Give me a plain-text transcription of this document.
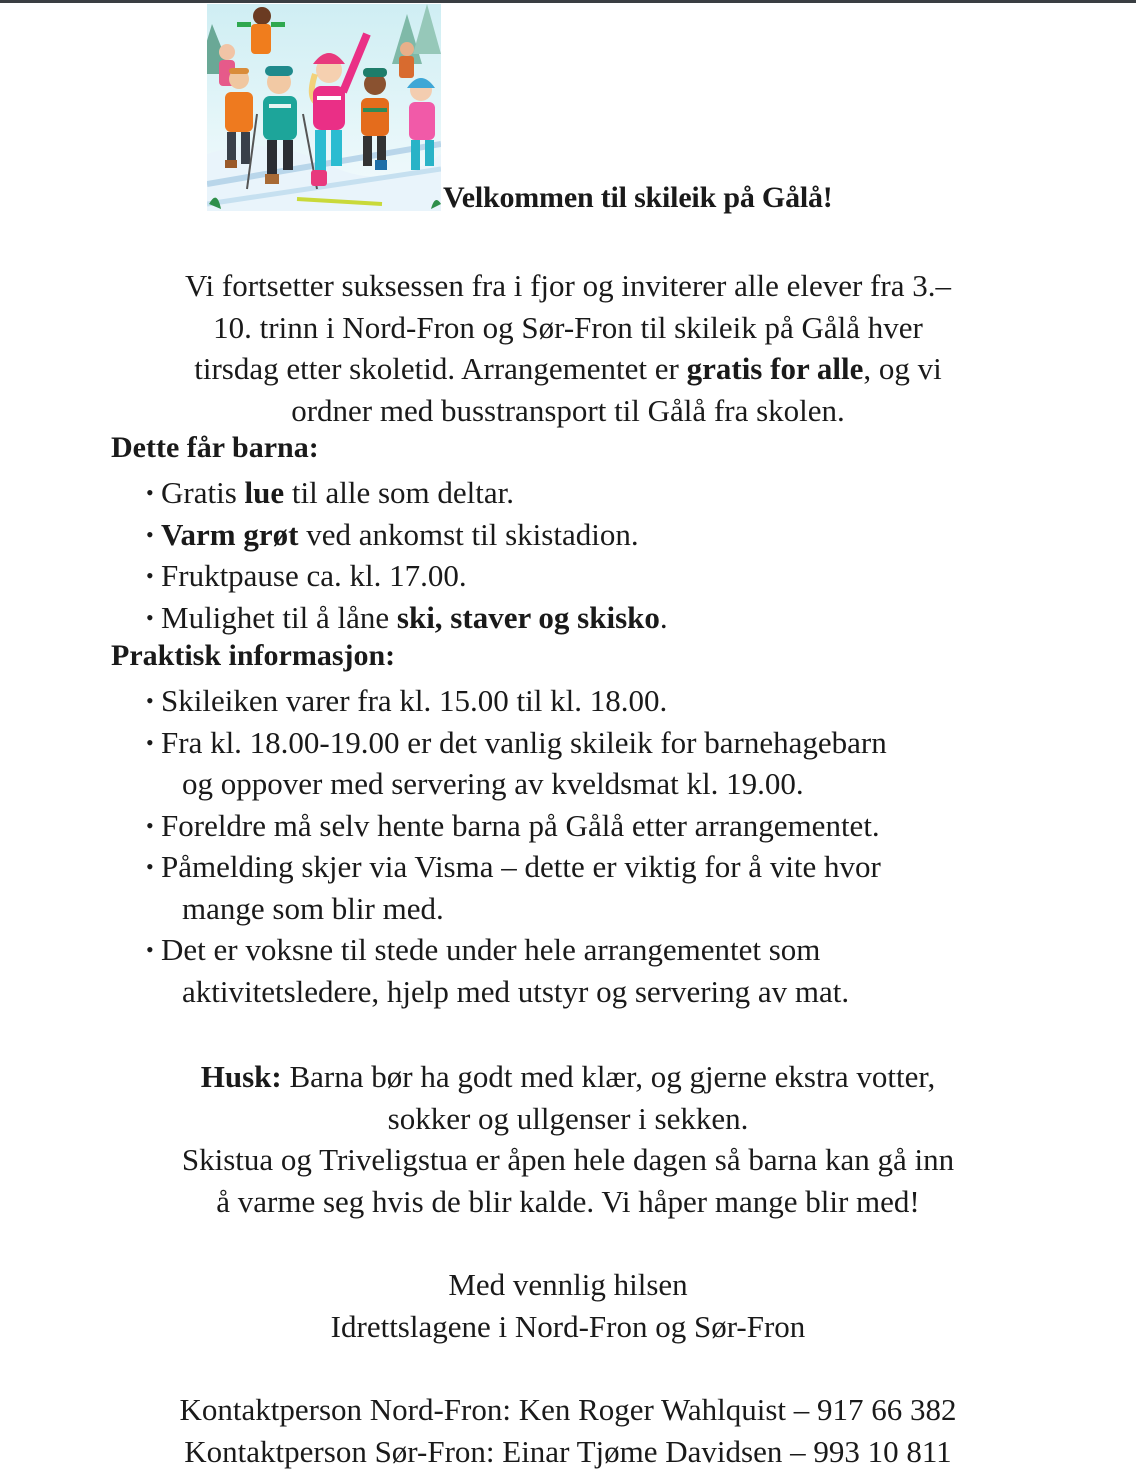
Velkommen til skileik på Gålå!
Vi fortsetter suksessen fra i fjor og inviterer alle elever fra 3.–
10. trinn i Nord-Fron og Sør-Fron til skileik på Gålå hver
tirsdag etter skoletid. Arrangementet er gratis for alle, og vi
ordner med busstransport til Gålå fra skolen.
Dette får barna:
• Gratis lue til alle som deltar.
• Varm grøt ved ankomst til skistadion.
• Fruktpause ca. kl. 17.00.
• Mulighet til å låne ski, staver og skisko.
Praktisk informasjon:
• Skileiken varer fra kl. 15.00 til kl. 18.00.
• Fra kl. 18.00-19.00 er det vanlig skileik for barnehagebarn
og oppover med servering av kveldsmat kl. 19.00.
• Foreldre må selv hente barna på Gålå etter arrangementet.
• Påmelding skjer via Visma – dette er viktig for å vite hvor
mange som blir med.
• Det er voksne til stede under hele arrangementet som
aktivitetsledere, hjelp med utstyr og servering av mat.
Husk: Barna bør ha godt med klær, og gjerne ekstra votter,
sokker og ullgenser i sekken.
Skistua og Triveligstua er åpen hele dagen så barna kan gå inn
å varme seg hvis de blir kalde. Vi håper mange blir med!
Med vennlig hilsen
Idrettslagene i Nord-Fron og Sør-Fron
Kontaktperson Nord-Fron: Ken Roger Wahlquist – 917 66 382
Kontaktperson Sør-Fron: Einar Tjøme Davidsen – 993 10 811
